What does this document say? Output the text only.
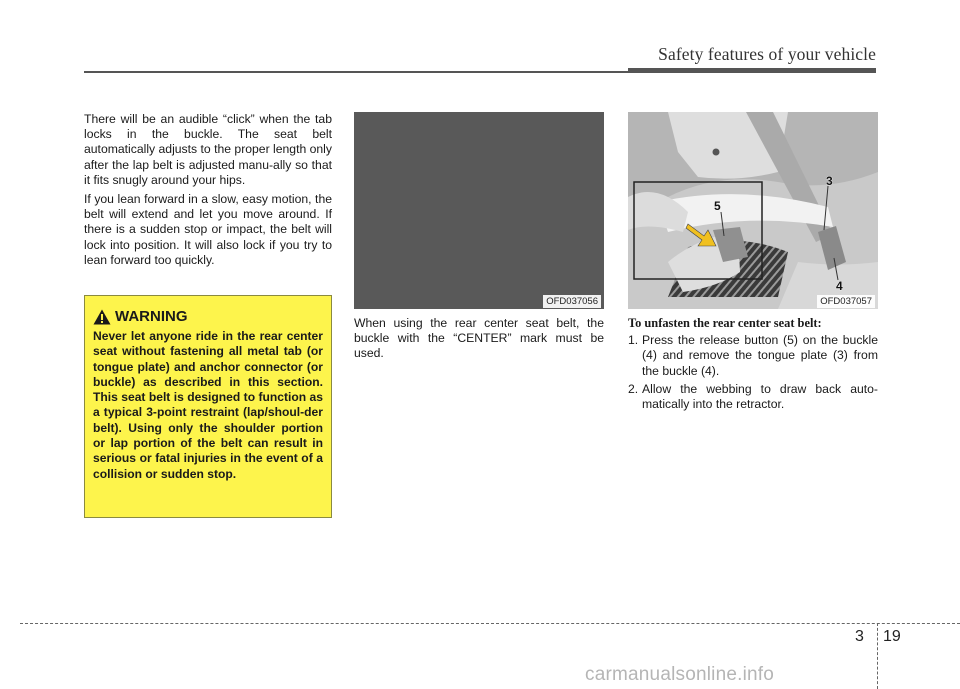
Safety features of your vehicle

There will be an audible “click” when the tab locks in the buckle. The seat belt automatically adjusts to the proper length only after the lap belt is adjusted manu-ally so that it fits snugly around your hips.

If you lean forward in a slow, easy motion, the belt will extend and let you move around. If there is a sudden stop or impact, the belt will lock into position. It will also lock if you try to lean forward too quickly.

WARNING
Never let anyone ride in the rear center seat without fastening all metal tab (or tongue plate) and anchor connector (or buckle) as described in this section. This seat belt is designed to function as a typical 3-point restraint (lap/shoul-der belt). Using only the shoulder portion or lap portion of the belt can result in serious or fatal injuries in the event of a collision or sudden stop.
OFD037056
3
4
5
OFD037057

When using the rear center seat belt, the buckle with the “CENTER” mark must be used.

To unfasten the rear center seat belt:
1. Press the release button (5) on the buckle (4) and remove the tongue plate (3) from the buckle (4).
2. Allow the webbing to draw back auto-matically into the retractor.
3 19
carmanualsonline.info
